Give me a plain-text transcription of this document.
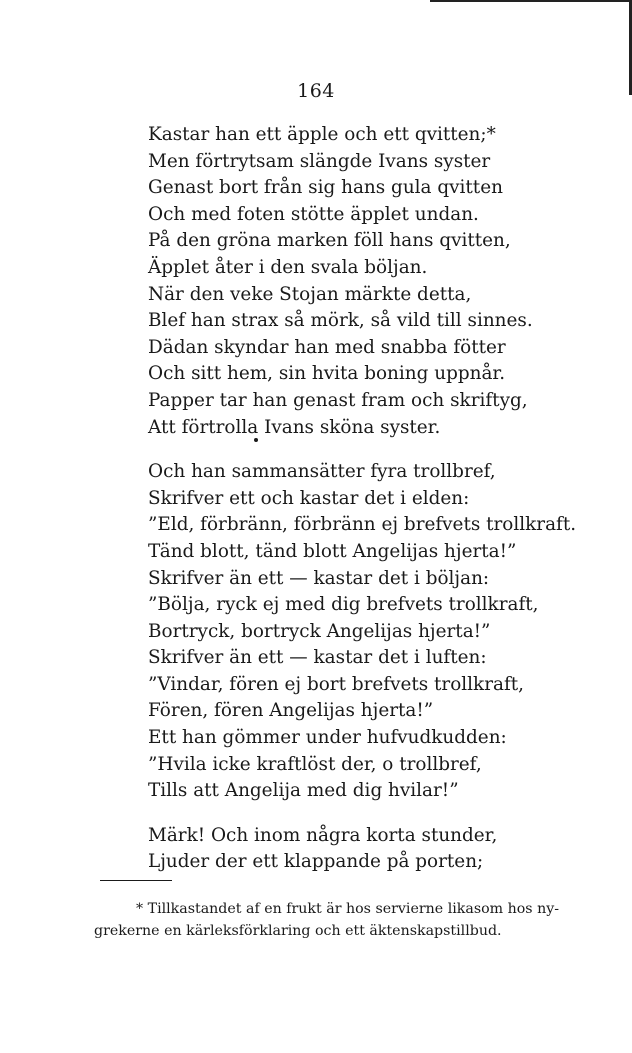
164
Kastar han ett äpple och ett qvitten;*
Men förtrytsam slängde Ivans syster
Genast bort från sig hans gula qvitten
Och med foten stötte äpplet undan.
På den gröna marken föll hans qvitten,
Äpplet åter i den svala böljan.
När den veke Stojan märkte detta,
Blef han strax så mörk, så vild till sinnes.
Dädan skyndar han med snabba fötter
Och sitt hem, sin hvita boning uppnår.
Papper tar han genast fram och skriftyg,
Att förtrolla Ivans sköna syster.
Och han sammansätter fyra trollbref,
Skrifver ett och kastar det i elden:
”Eld, förbränn, förbränn ej brefvets trollkraft.
Tänd blott, tänd blott Angelijas hjerta!”
Skrifver än ett — kastar det i böljan:
”Bölja, ryck ej med dig brefvets trollkraft,
Bortryck, bortryck Angelijas hjerta!”
Skrifver än ett — kastar det i luften:
”Vindar, fören ej bort brefvets trollkraft,
Fören, fören Angelijas hjerta!”
Ett han gömmer under hufvudkudden:
”Hvila icke kraftlöst der, o trollbref,
Tills att Angelija med dig hvilar!”
Märk! Och inom några korta stunder,
Ljuder der ett klappande på porten;
* Tillkastandet af en frukt är hos servierne likasom hos ny-
grekerne en kärleksförklaring och ett äktenskapstillbud.
